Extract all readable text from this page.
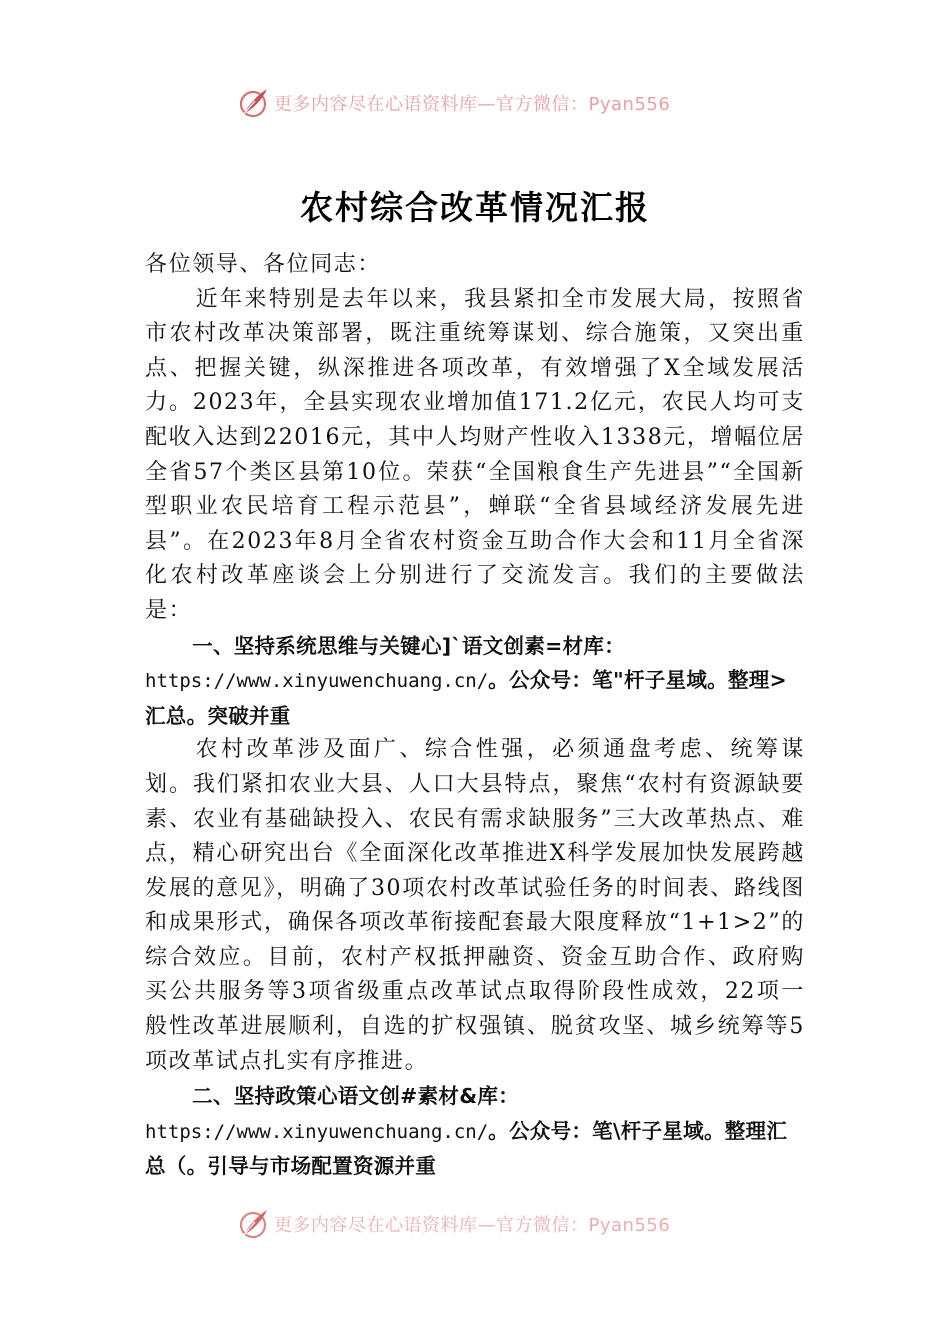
更多内容尽在心语资料库—官方微信：Pyan556
农村综合改革情况汇报

各位领导、各位同志：

近年来特别是去年以来，我县紧扣全市发展大局，按照省市农村改革决策部署，既注重统筹谋划、综合施策，又突出重点、把握关键，纵深推进各项改革，有效增强了X全域发展活力。2023年，全县实现农业增加值171.2亿元，农民人均可支配收入达到22016元，其中人均财产性收入1338元，增幅位居全省57个类区县第10位。荣获“全国粮食生产先进县”“全国新型职业农民培育工程示范县”，蝉联“全省县域经济发展先进县”。在2023年8月全省农村资金互助合作大会和11月全省深化农村改革座谈会上分别进行了交流发言。我们的主要做法是：

一、坚持系统思维与关键心]`语文创素=材库：https://www.xinyuwenchuang.cn/。公众号：笔"杆子星域。整理>汇总。突破并重

农村改革涉及面广、综合性强，必须通盘考虑、统筹谋划。我们紧扣农业大县、人口大县特点，聚焦“农村有资源缺要素、农业有基础缺投入、农民有需求缺服务”三大改革热点、难点，精心研究出台《全面深化改革推进X科学发展加快发展跨越发展的意见》，明确了30项农村改革试验任务的时间表、路线图和成果形式，确保各项改革衔接配套最大限度释放“1+1>2”的综合效应。目前，农村产权抵押融资、资金互助合作、政府购买公共服务等3项省级重点改革试点取得阶段性成效，22项一般性改革进展顺利，自选的扩权强镇、脱贫攻坚、城乡统筹等5项改革试点扎实有序推进。

二、坚持政策心语文创#素材&库：https://www.xinyuwenchuang.cn/。公众号：笔\杆子星域。整理汇总（。引导与市场配置资源并重

更多内容尽在心语资料库—官方微信：Pyan556
